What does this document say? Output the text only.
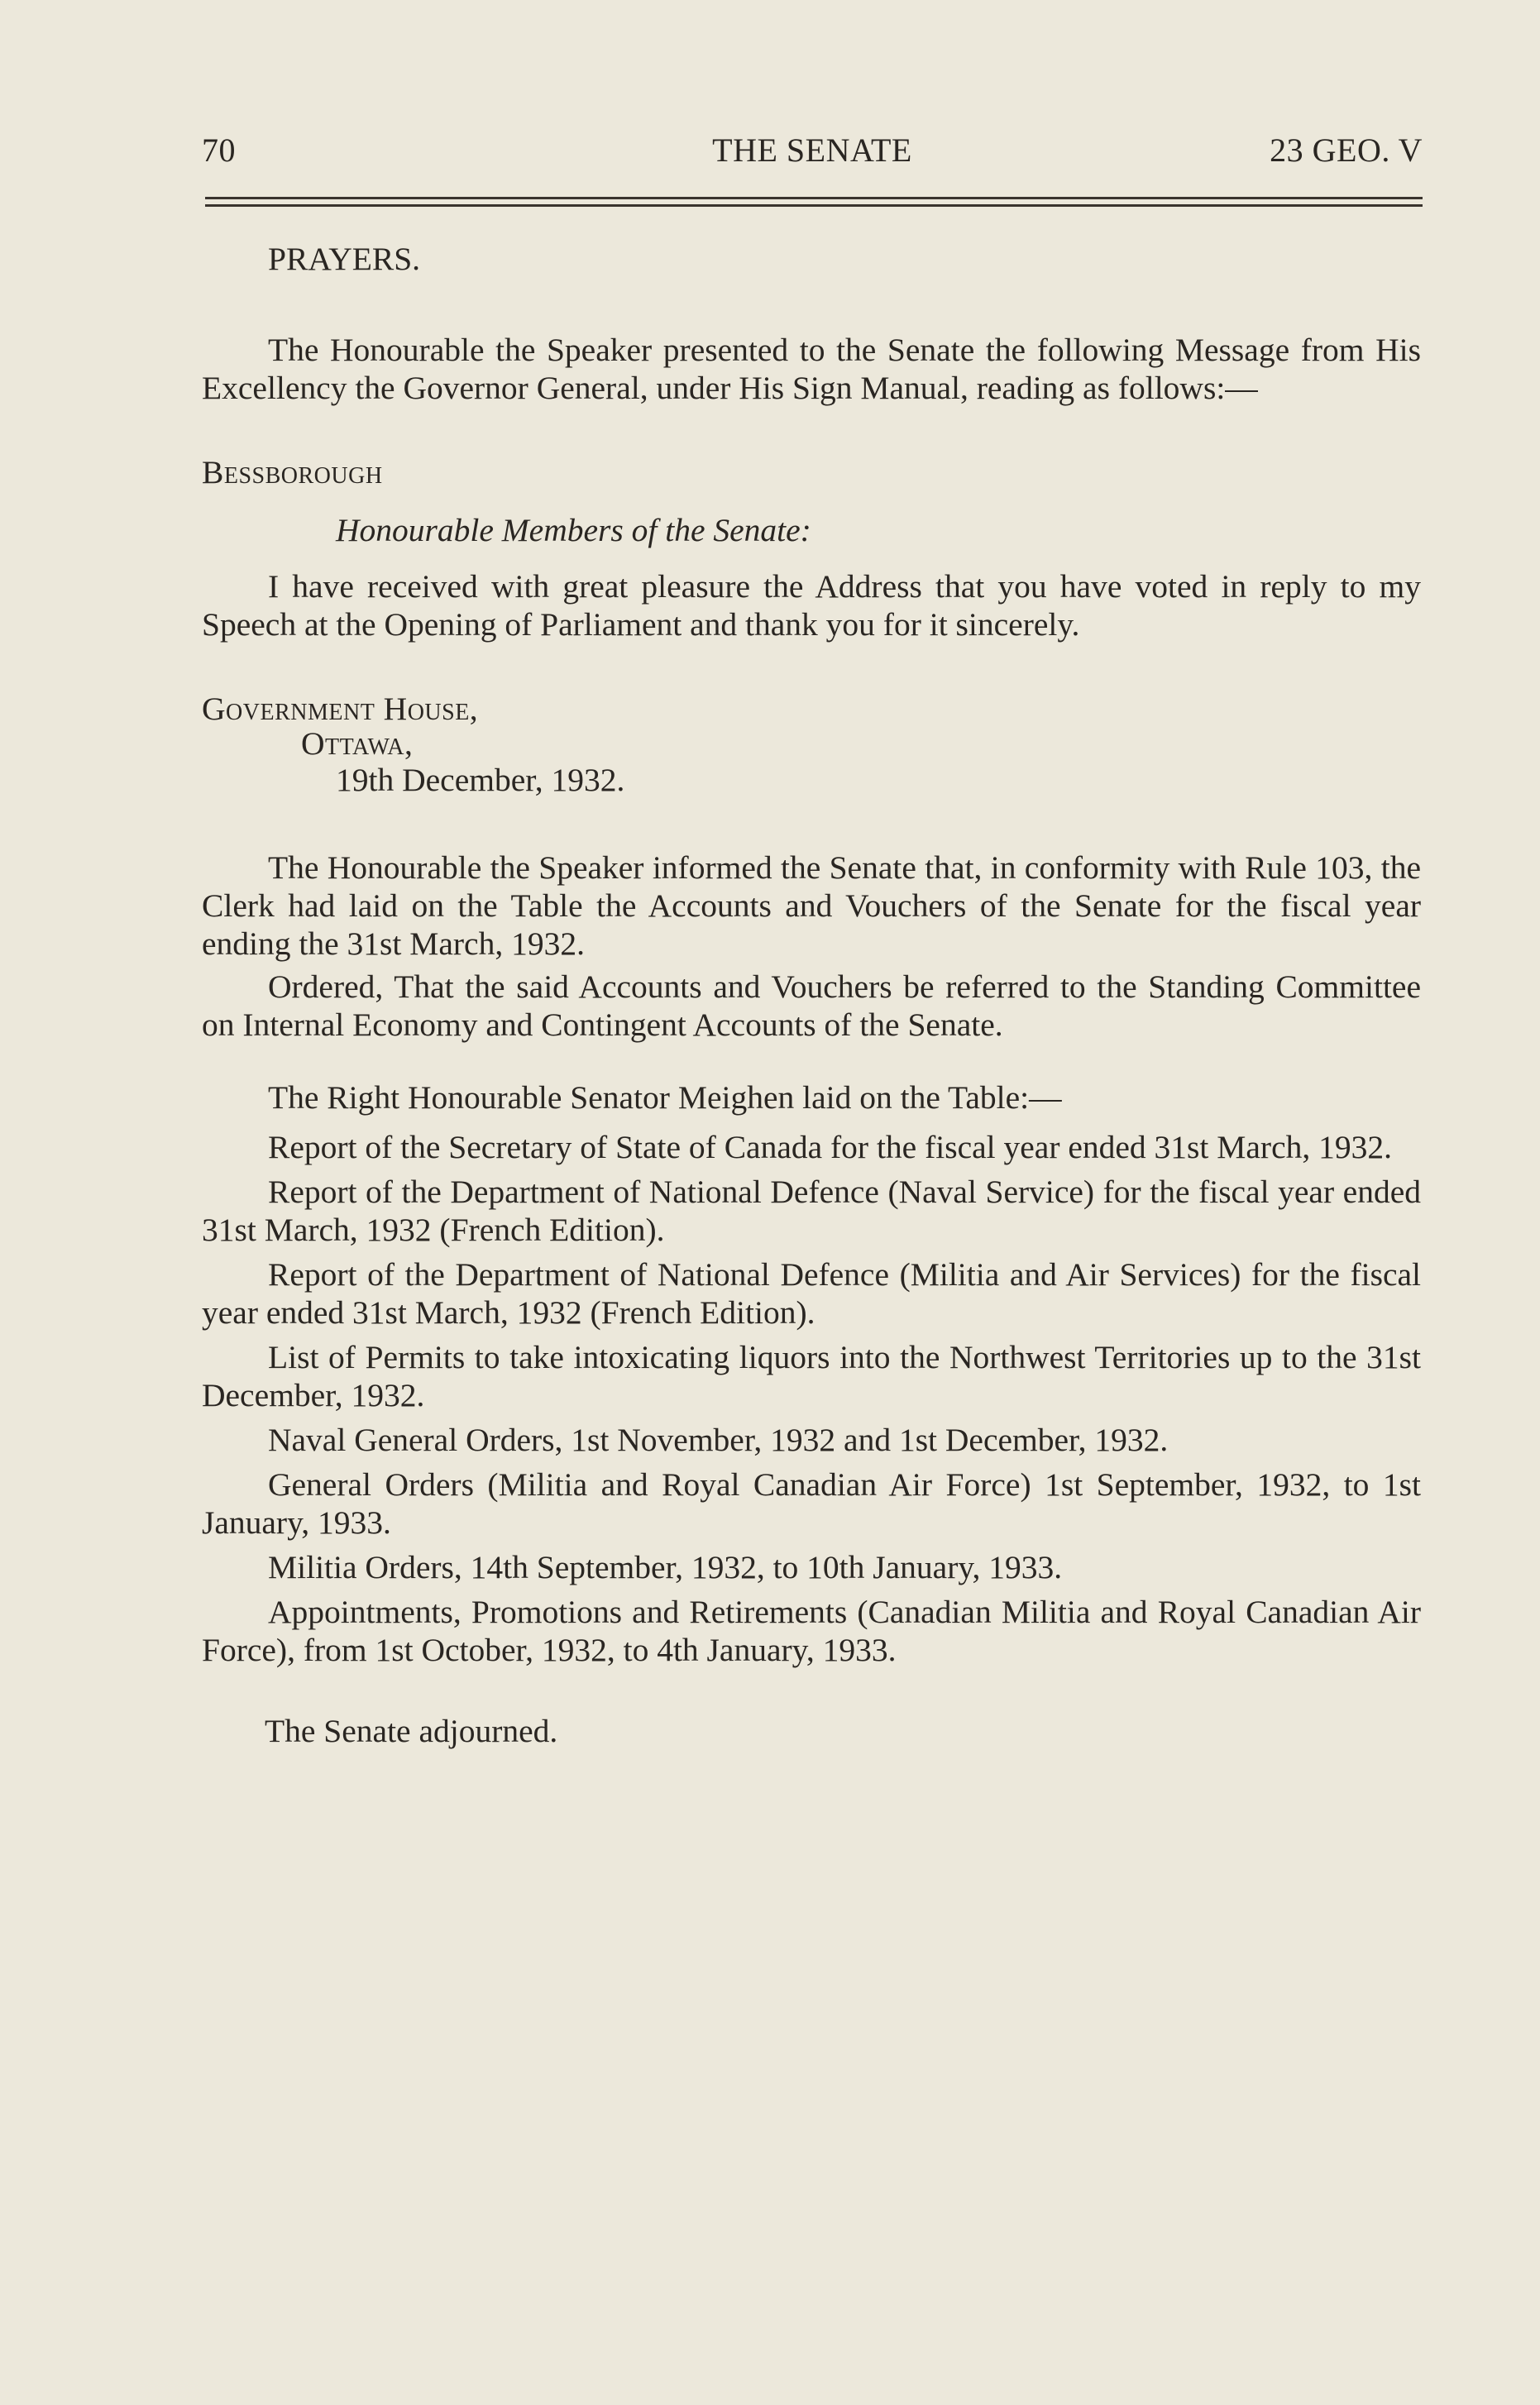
70	THE SENATE	23 GEO. V
PRAYERS.

The Honourable the Speaker presented to the Senate the following Message from His Excellency the Governor General, under His Sign Manual, reading as follows:—

Bessborough
Honourable Members of the Senate:

I have received with great pleasure the Address that you have voted in reply to my Speech at the Opening of Parliament and thank you for it sincerely.

Government House,
Ottawa,
19th December, 1932.

The Honourable the Speaker informed the Senate that, in conformity with Rule 103, the Clerk had laid on the Table the Accounts and Vouchers of the Senate for the fiscal year ending the 31st March, 1932.

Ordered, That the said Accounts and Vouchers be referred to the Standing Committee on Internal Economy and Contingent Accounts of the Senate.

The Right Honourable Senator Meighen laid on the Table:—

Report of the Secretary of State of Canada for the fiscal year ended 31st March, 1932.

Report of the Department of National Defence (Naval Service) for the fiscal year ended 31st March, 1932 (French Edition).

Report of the Department of National Defence (Militia and Air Services) for the fiscal year ended 31st March, 1932 (French Edition).

List of Permits to take intoxicating liquors into the Northwest Territories up to the 31st December, 1932.

Naval General Orders, 1st November, 1932 and 1st December, 1932.

General Orders (Militia and Royal Canadian Air Force) 1st September, 1932, to 1st January, 1933.

Militia Orders, 14th September, 1932, to 10th January, 1933.

Appointments, Promotions and Retirements (Canadian Militia and Royal Canadian Air Force), from 1st October, 1932, to 4th January, 1933.

The Senate adjourned.
